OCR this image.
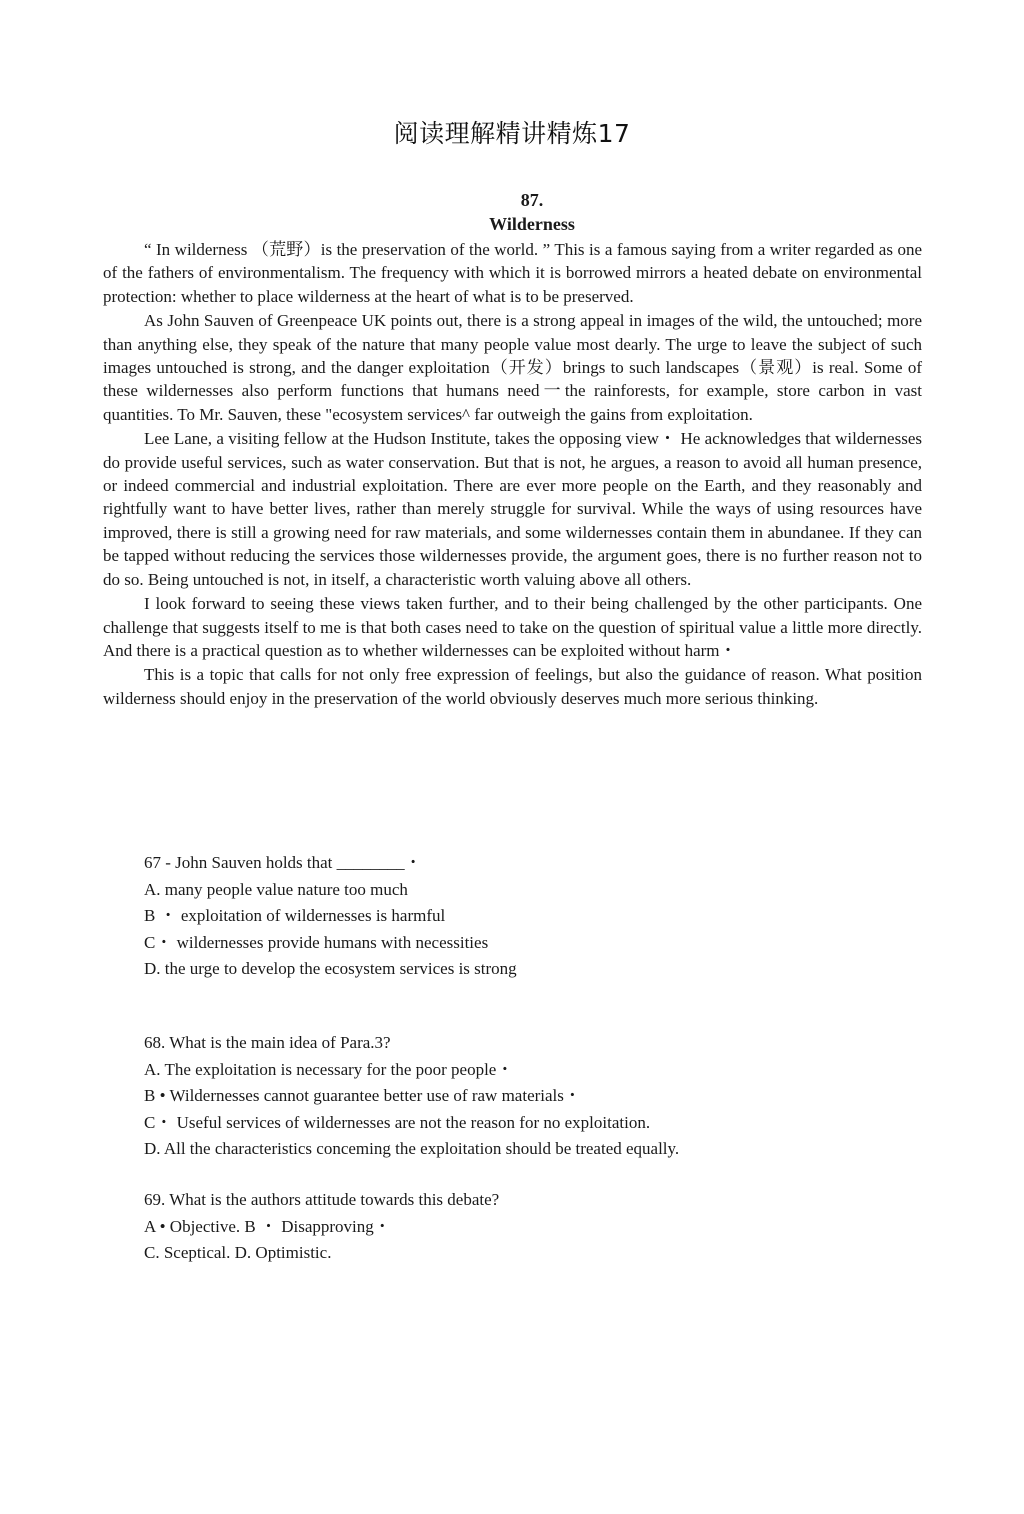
阅读理解精讲精炼17
87.
Wilderness

“ In wilderness （荒野）is the preservation of the world. ” This is a famous saying from a writer regarded as one of the fathers of environmentalism. The frequency with which it is borrowed mirrors a heated debate on environmental protection: whether to place wilderness at the heart of what is to be preserved.

As John Sauven of Greenpeace UK points out, there is a strong appeal in images of the wild, the untouched; more than anything else, they speak of the nature that many people value most dearly. The urge to leave the subject of such images untouched is strong, and the danger exploitation（开发）brings to such landscapes（景观）is real. Some of these wildernesses also perform functions that humans need一the rainforests, for example, store carbon in vast quantities. To Mr. Sauven, these "ecosystem services^ far outweigh the gains from exploitation.

Lee Lane, a visiting fellow at the Hudson Institute, takes the opposing view・ He acknowledges that wildernesses do provide useful services, such as water conservation. But that is not, he argues, a reason to avoid all human presence, or indeed commercial and industrial exploitation. There are ever more people on the Earth, and they reasonably and rightfully want to have better lives, rather than merely struggle for survival. While the ways of using resources have improved, there is still a growing need for raw materials, and some wildernesses contain them in abundanee. If they can be tapped without reducing the services those wildernesses provide, the argument goes, there is no further reason not to do so. Being untouched is not, in itself, a characteristic worth valuing above all others.

I look forward to seeing these views taken further, and to their being challenged by the other participants. One challenge that suggests itself to me is that both cases need to take on the question of spiritual value a little more directly. And there is a practical question as to whether wildernesses can be exploited without harm・

This is a topic that calls for not only free expression of feelings, but also the guidance of reason. What position wilderness should enjoy in the preservation of the world obviously deserves much more serious thinking.

67 - John Sauven holds that ________・
A. many people value nature too much
B ・ exploitation of wildernesses is harmful
C・ wildernesses provide humans with necessities
D. the urge to develop the ecosystem services is strong
68. What is the main idea of Para.3?
A. The exploitation is necessary for the poor people・
B • Wildernesses cannot guarantee better use of raw materials・
C・ Useful services of wildernesses are not the reason for no exploitation.
D. All the characteristics conceming the exploitation should be treated equally.
69. What is the authors attitude towards this debate?
A • Objective. B ・ Disapproving・
C. Sceptical. D. Optimistic.
